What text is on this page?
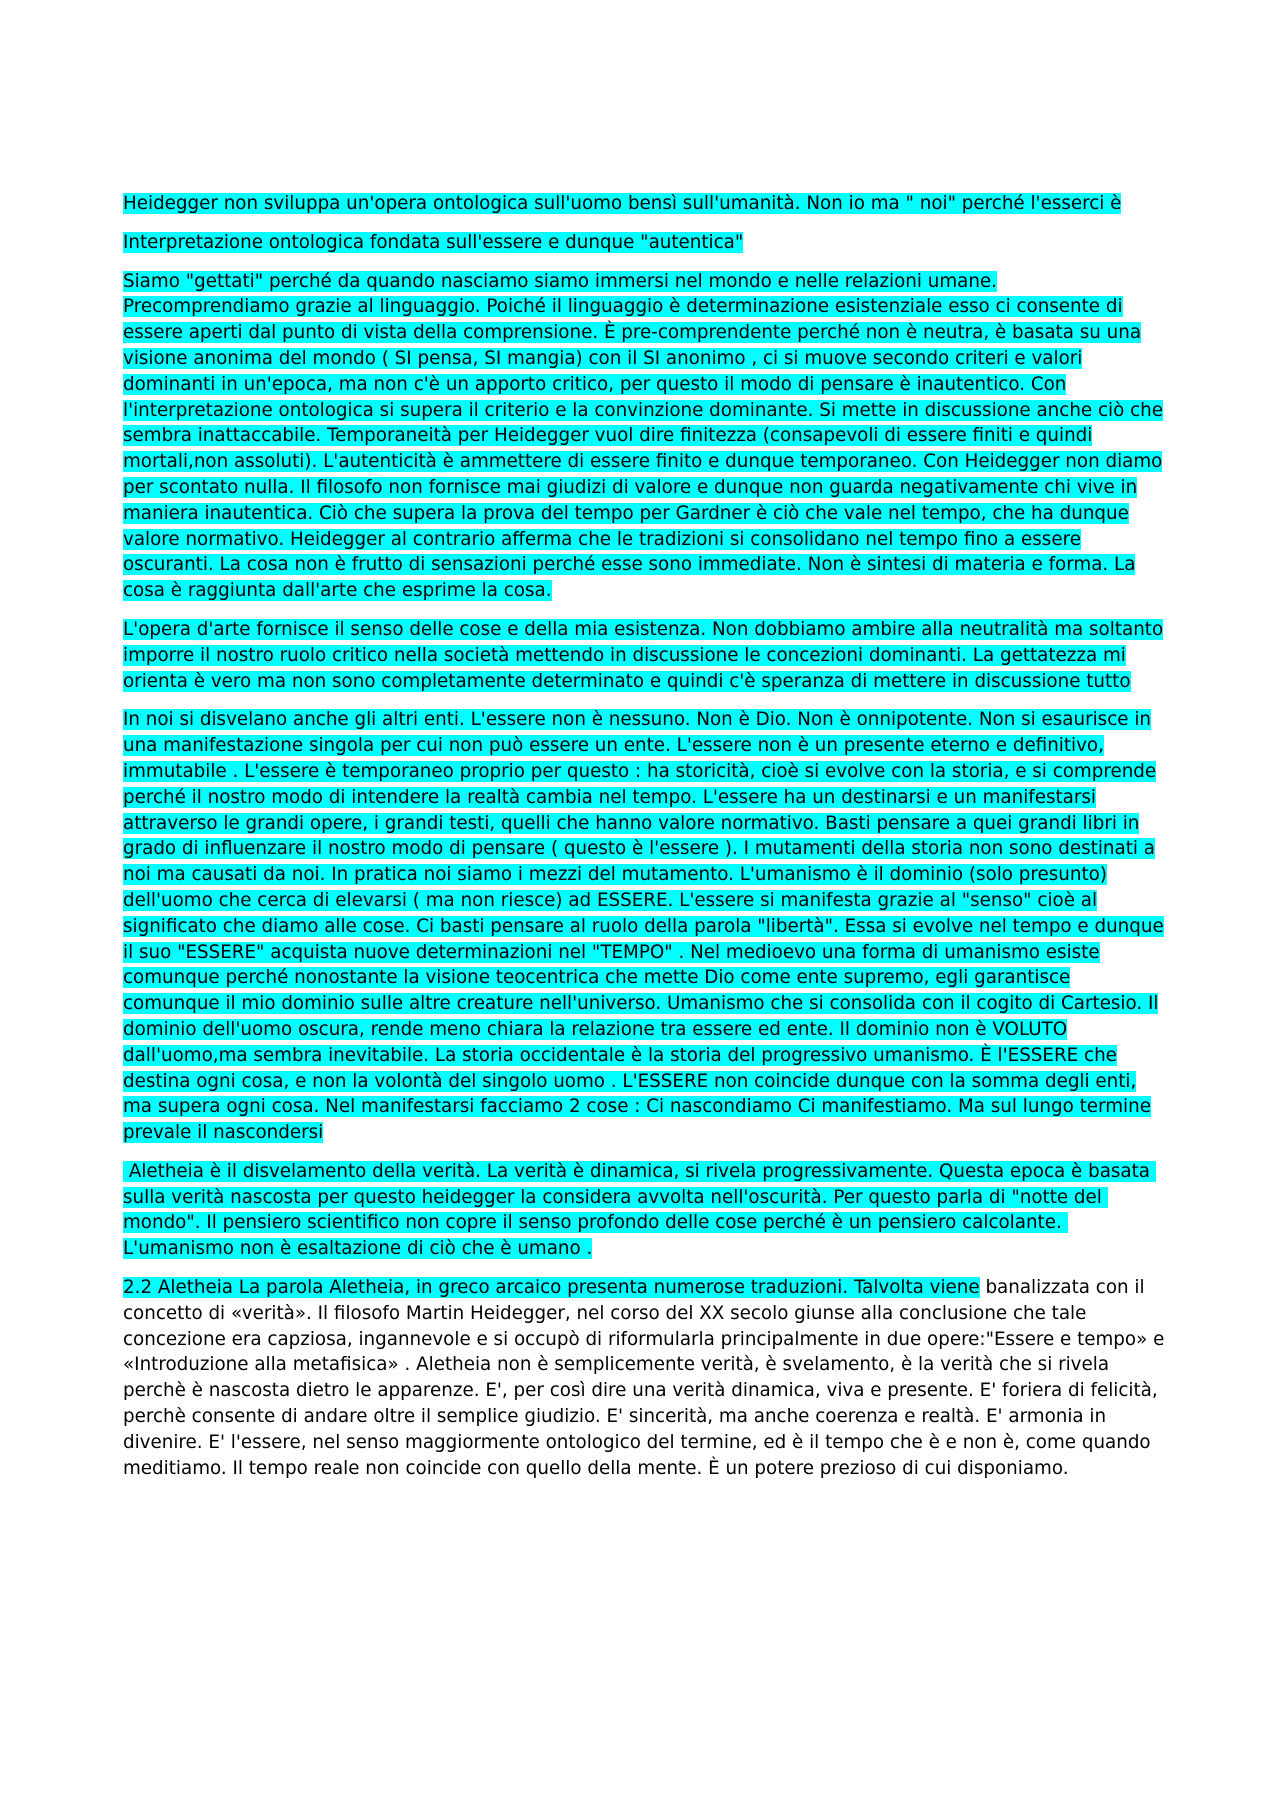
Heidegger non sviluppa un'opera ontologica sull'uomo bensì sull'umanità. Non io ma " noi" perché l'esserci è

Interpretazione ontologica fondata sull'essere e dunque "autentica"

Siamo "gettati" perché da quando nasciamo siamo immersi nel mondo e nelle relazioni umane. Precomprendiamo grazie al linguaggio. Poiché il linguaggio è determinazione esistenziale esso ci consente di essere aperti dal punto di vista della comprensione. È pre-comprendente perché non è neutra, è basata su una visione anonima del mondo ( SI pensa, SI mangia) con il SI anonimo , ci si muove secondo criteri e valori dominanti in un'epoca, ma non c'è un apporto critico, per questo il modo di pensare è inautentico. Con l'interpretazione ontologica si supera il criterio e la convinzione dominante. Si mette in discussione anche ciò che sembra inattaccabile. Temporaneità per Heidegger vuol dire finitezza (consapevoli di essere finiti e quindi mortali,non assoluti). L'autenticità è ammettere di essere finito e dunque temporaneo. Con Heidegger non diamo per scontato nulla. Il filosofo non fornisce mai giudizi di valore e dunque non guarda negativamente chi vive in maniera inautentica. Ciò che supera la prova del tempo per Gardner è ciò che vale nel tempo, che ha dunque valore normativo. Heidegger al contrario afferma che le tradizioni si consolidano nel tempo fino a essere oscuranti. La cosa non è frutto di sensazioni perché esse sono immediate. Non è sintesi di materia e forma. La cosa è raggiunta dall'arte che esprime la cosa.

L'opera d'arte fornisce il senso delle cose e della mia esistenza. Non dobbiamo ambire alla neutralità ma soltanto imporre il nostro ruolo critico nella società mettendo in discussione le concezioni dominanti. La gettatezza mi orienta è vero ma non sono completamente determinato e quindi c'è speranza di mettere in discussione tutto

In noi si disvelano anche gli altri enti. L'essere non è nessuno. Non è Dio. Non è onnipotente. Non si esaurisce in una manifestazione singola per cui non può essere un ente. L'essere non è un presente eterno e definitivo, immutabile . L'essere è temporaneo proprio per questo : ha storicità, cioè si evolve con la storia, e si comprende perché il nostro modo di intendere la realtà cambia nel tempo. L'essere ha un destinarsi e un manifestarsi attraverso le grandi opere, i grandi testi, quelli che hanno valore normativo. Basti pensare a quei grandi libri in grado di influenzare il nostro modo di pensare ( questo è l'essere ). I mutamenti della storia non sono destinati a noi ma causati da noi. In pratica noi siamo i mezzi del mutamento. L'umanismo è il dominio (solo presunto) dell'uomo che cerca di elevarsi ( ma non riesce) ad ESSERE. L'essere si manifesta grazie al "senso" cioè al significato che diamo alle cose. Ci basti pensare al ruolo della parola "libertà". Essa si evolve nel tempo e dunque il suo "ESSERE" acquista nuove determinazioni nel "TEMPO" . Nel medioevo una forma di umanismo esiste comunque perché nonostante la visione teocentrica che mette Dio come ente supremo, egli garantisce comunque il mio dominio sulle altre creature nell'universo. Umanismo che si consolida con il cogito di Cartesio. Il dominio dell'uomo oscura, rende meno chiara la relazione tra essere ed ente. Il dominio non è VOLUTO dall'uomo,ma sembra inevitabile. La storia occidentale è la storia del progressivo umanismo. È l'ESSERE che destina ogni cosa, e non la volontà del singolo uomo . L'ESSERE non coincide dunque con la somma degli enti, ma supera ogni cosa. Nel manifestarsi facciamo 2 cose : Ci nascondiamo Ci manifestiamo. Ma sul lungo termine prevale il nascondersi

Aletheia è il disvelamento della verità. La verità è dinamica, si rivela progressivamente. Questa epoca è basata sulla verità nascosta per questo heidegger la considera avvolta nell'oscurità. Per questo parla di "notte del mondo". Il pensiero scientifico non copre il senso profondo delle cose perché è un pensiero calcolante. L'umanismo non è esaltazione di ciò che è umano .

2.2 Aletheia La parola Aletheia, in greco arcaico presenta numerose traduzioni. Talvolta viene banalizzata con il concetto di «verità». Il filosofo Martin Heidegger, nel corso del XX secolo giunse alla conclusione che tale concezione era capziosa, ingannevole e si occupò di riformularla principalmente in due opere:"Essere e tempo» e «Introduzione alla metafisica» . Aletheia non è semplicemente verità, è svelamento, è la verità che si rivela perchè è nascosta dietro le apparenze. E', per così dire una verità dinamica, viva e presente. E' foriera di felicità, perchè consente di andare oltre il semplice giudizio. E' sincerità, ma anche coerenza e realtà. E' armonia in divenire. E' l'essere, nel senso maggiormente ontologico del termine, ed è il tempo che è e non è, come quando meditiamo. Il tempo reale non coincide con quello della mente. È un potere prezioso di cui disponiamo.
